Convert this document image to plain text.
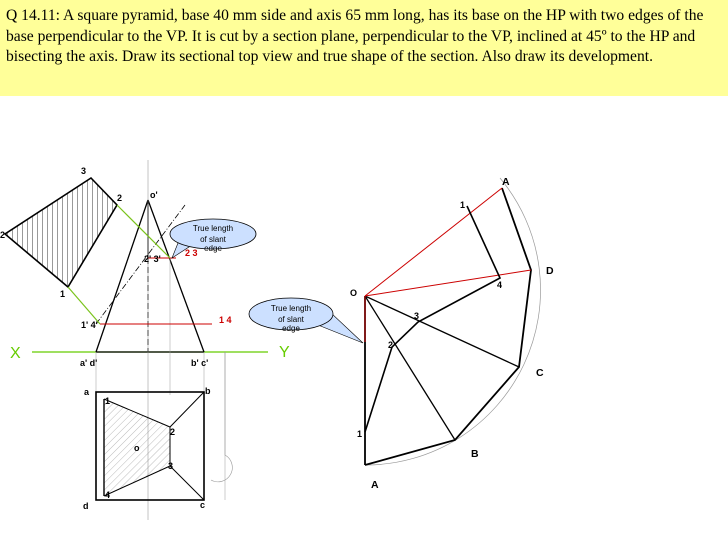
Q 14.11: A square pyramid, base 40 mm side and axis 65 mm long, has its base on the HP with two edges of the base perpendicular to the VP. It is cut by a section plane, perpendicular to the VP, inclined at 45º to the HP and bisecting the axis. Draw its sectional top view and true shape of the section. Also draw its development.
X	Y
o'
a' d'	b' c'
2' 3'
1' 4'
2 3
1 4
True length
of slant
edge
True length
of slant
edge
3
2
1
2
a	b
c
d
o
1
2
3
4
O
A
D
C
B
A
1
4
3
2
1
